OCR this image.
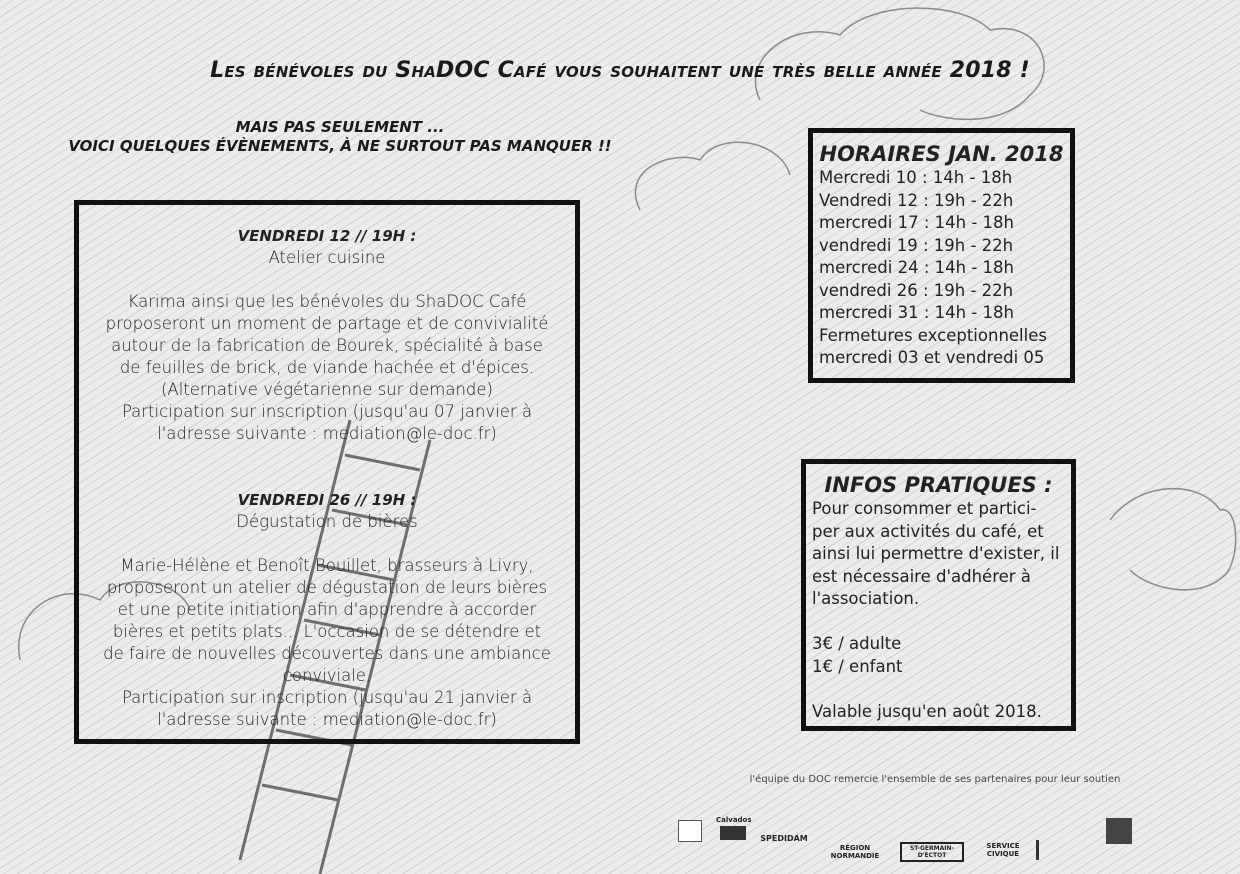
Les bénévoles du ShaDOC Café vous souhaitent une très belle année 2018 !
MAIS PAS SEULEMENT ...
VOICI QUELQUES ÉVÈNEMENTS, À NE SURTOUT PAS MANQUER !!
VENDREDI 12 // 19H :
Atelier cuisine
Karima ainsi que les bénévoles du ShaDOC Café
proposeront un moment de partage et de convivialité
autour de la fabrication de Bourek, spécialité à base
de feuilles de brick, de viande hachée et d'épices.
(Alternative végétarienne sur demande)
Participation sur inscription (jusqu'au 07 janvier à
l'adresse suivante : mediation@le-doc.fr)
VENDREDI 26 // 19H :
Dégustation de bières
Marie-Hélène et Benoît Bouillet, brasseurs à Livry,
proposeront un atelier de dégustation de leurs bières
et une petite initiation afin d'apprendre à accorder
bières et petits plats... L'occasion de se détendre et
de faire de nouvelles découvertes dans une ambiance
conviviale.
Participation sur inscription (jusqu'au 21 janvier à
l'adresse suivante : mediation@le-doc.fr)
HORAIRES JAN. 2018
Mercredi 10 : 14h - 18h
Vendredi 12 : 19h - 22h
mercredi 17 : 14h - 18h
vendredi 19 : 19h - 22h
mercredi 24 : 14h - 18h
vendredi 26 : 19h - 22h
mercredi 31 : 14h - 18h
Fermetures exceptionnelles
mercredi 03 et vendredi 05
INFOS PRATIQUES :
Pour consommer et partici-
per aux activités du café, et
ainsi lui permettre d'exister, il
est nécessaire d'adhérer à
l'association.
3€ / adulte
1€ / enfant
Valable jusqu'en août 2018.
l'équipe du DOC remercie l'ensemble de ses partenaires pour leur soutien
Calvados
SPEDIDAM
RÉGION NORMANDIE
ST-GERMAIN-D'ECTOT
SERVICE CIVIQUE
